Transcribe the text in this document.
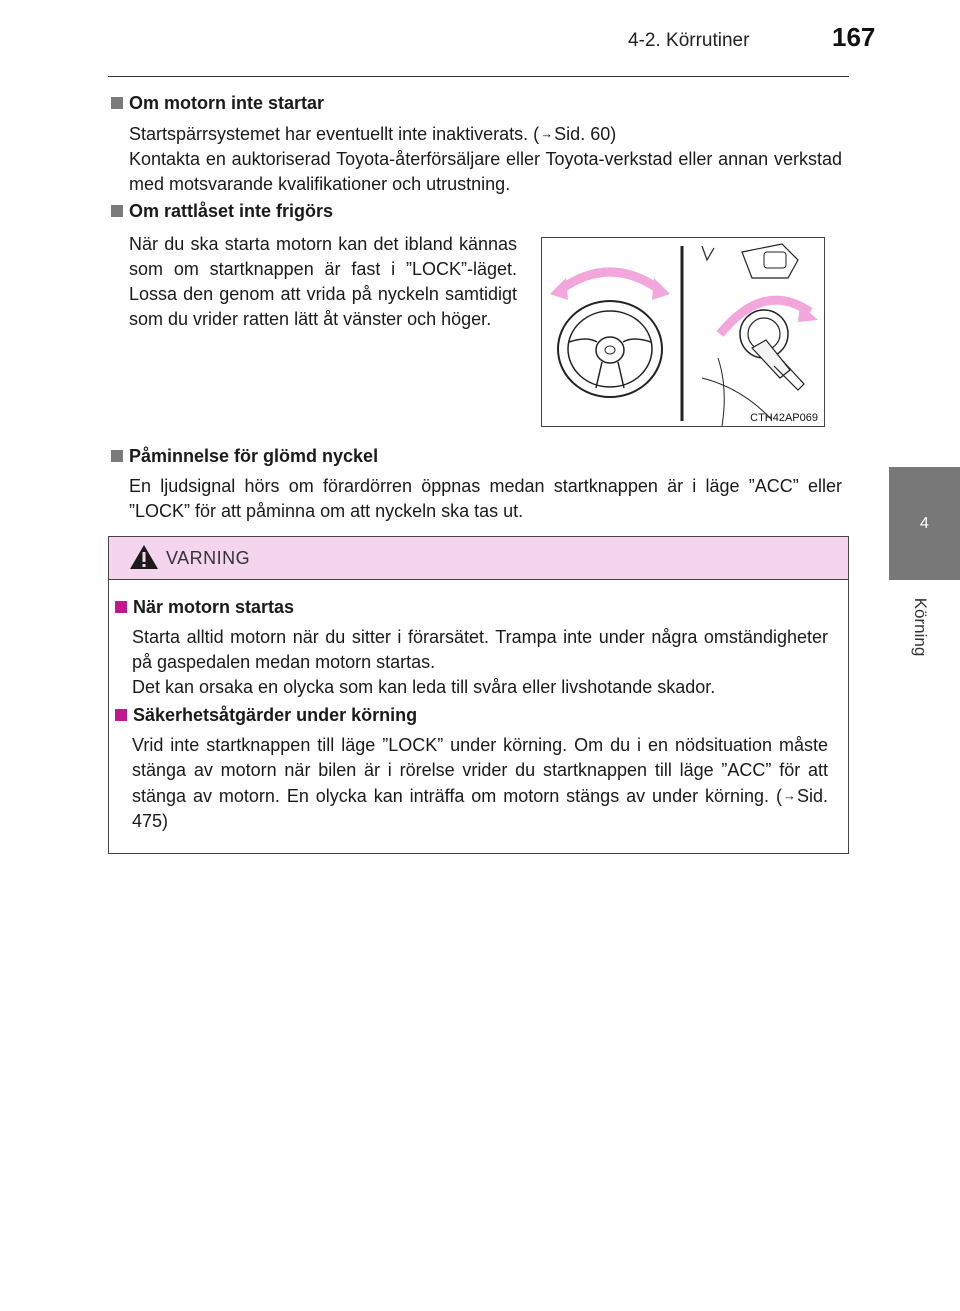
4-2. Körrutiner	167
4
Körning
Om motorn inte startar

Startspärrsystemet har eventuellt inte inaktiverats. (→Sid. 60)

Kontakta en auktoriserad Toyota-återförsäljare eller Toyota-verkstad eller annan verkstad med motsvarande kvalifikationer och utrustning.

Om rattlåset inte frigörs
När du ska starta motorn kan det ibland kännas som om startknappen är fast i ”LOCK”-läget. Lossa den genom att vrida på nyckeln samtidigt som du vrider ratten lätt åt vänster och höger.
CTH42AP069
Påminnelse för glömd nyckel

En ljudsignal hörs om förardörren öppnas medan startknappen är i läge ”ACC” eller ”LOCK” för att påminna om att nyckeln ska tas ut.

VARNING
När motorn startas

Starta alltid motorn när du sitter i förarsätet. Trampa inte under några omständigheter på gaspedalen medan motorn startas.

Det kan orsaka en olycka som kan leda till svåra eller livshotande skador.

Säkerhetsåtgärder under körning

Vrid inte startknappen till läge ”LOCK” under körning. Om du i en nödsituation måste stänga av motorn när bilen är i rörelse vrider du startknappen till läge ”ACC” för att stänga av motorn. En olycka kan inträffa om motorn stängs av under körning. (→Sid. 475)
